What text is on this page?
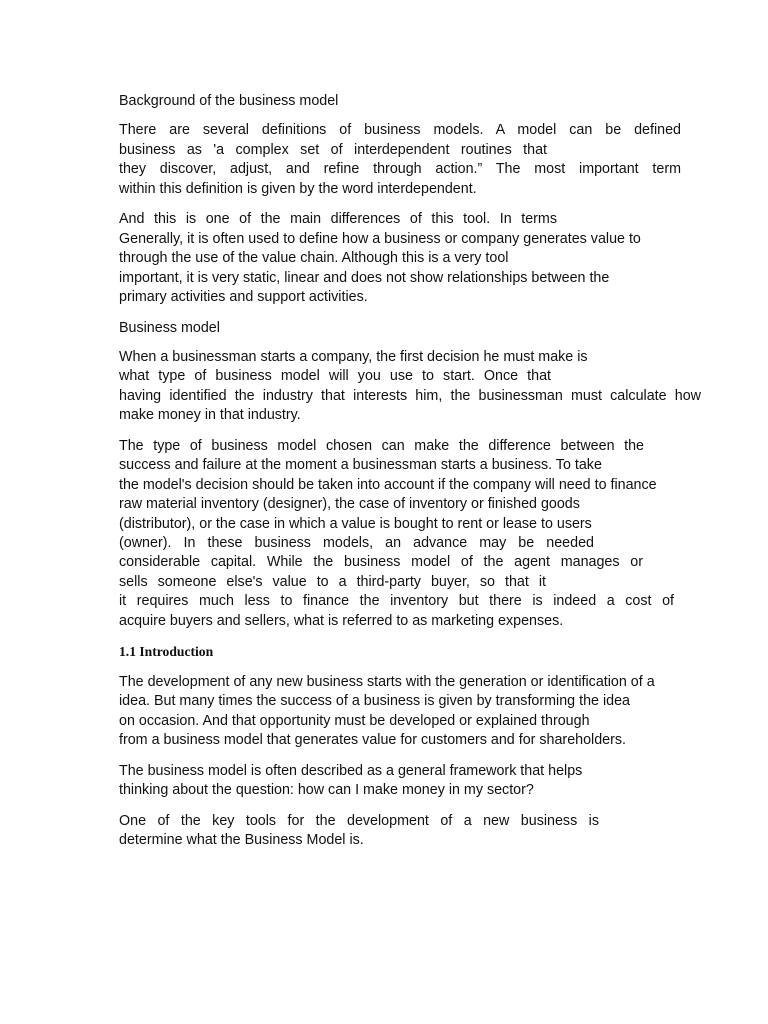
Background of the business model
There are several definitions of business models. A model can be defined
business as 'a complex set of interdependent routines that
they discover, adjust, and refine through action.” The most important term
within this definition is given by the word interdependent.
And this is one of the main differences of this tool. In terms
Generally, it is often used to define how a business or company generates value to
through the use of the value chain. Although this is a very tool
important, it is very static, linear and does not show relationships between the
primary activities and support activities.
Business model
When a businessman starts a company, the first decision he must make is
what type of business model will you use to start. Once that
having identified the industry that interests him, the businessman must calculate how
make money in that industry.
The type of business model chosen can make the difference between the
success and failure at the moment a businessman starts a business. To take
the model's decision should be taken into account if the company will need to finance
raw material inventory (designer), the case of inventory or finished goods
(distributor), or the case in which a value is bought to rent or lease to users
(owner). In these business models, an advance may be needed
considerable capital. While the business model of the agent manages or
sells someone else's value to a third-party buyer, so that it
it requires much less to finance the inventory but there is indeed a cost of
acquire buyers and sellers, what is referred to as marketing expenses.
1.1 Introduction
The development of any new business starts with the generation or identification of a
idea. But many times the success of a business is given by transforming the idea
on occasion. And that opportunity must be developed or explained through
from a business model that generates value for customers and for shareholders.
The business model is often described as a general framework that helps
thinking about the question: how can I make money in my sector?
One of the key tools for the development of a new business is
determine what the Business Model is.
